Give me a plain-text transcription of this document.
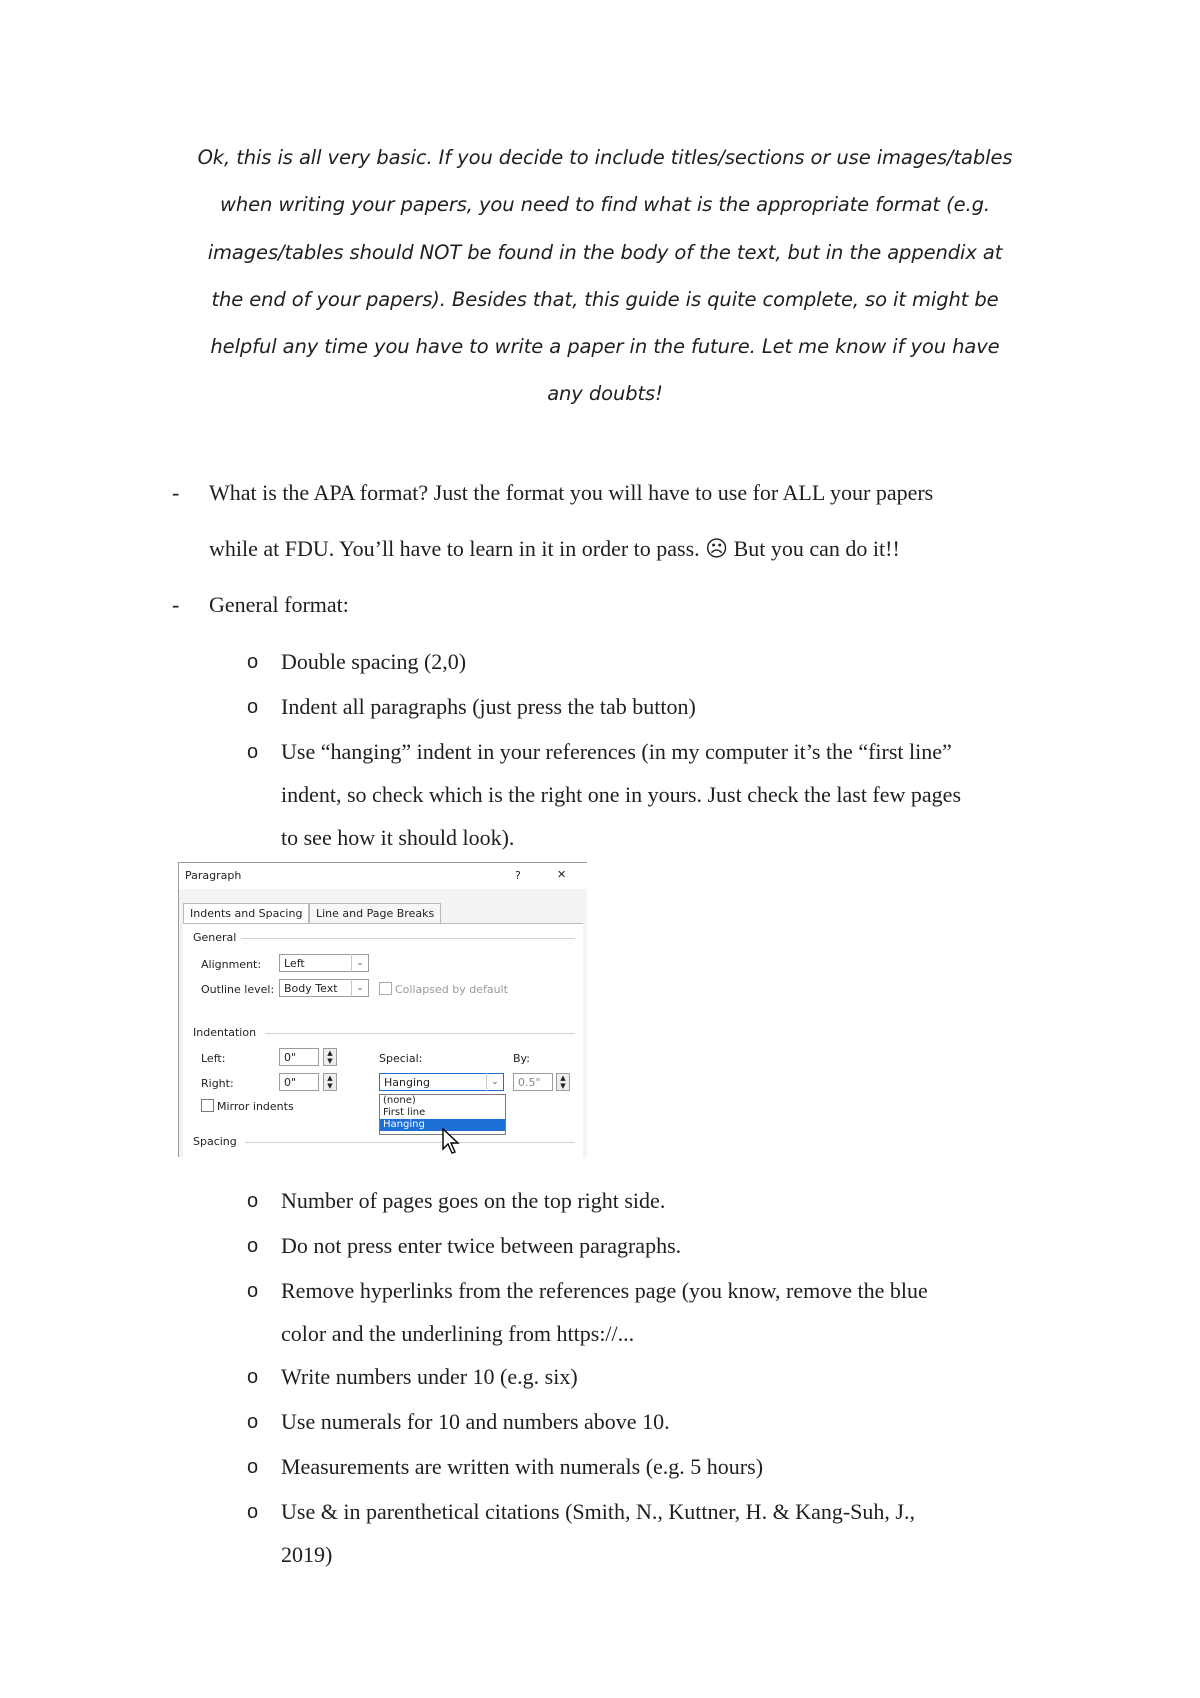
Ok, this is all very basic. If you decide to include titles/sections or use images/tables
when writing your papers, you need to find what is the appropriate format (e.g.
images/tables should NOT be found in the body of the text, but in the appendix at
the end of your papers). Besides that, this guide is quite complete, so it might be
helpful any time you have to write a paper in the future. Let me know if you have
any doubts!
- What is the APA format? Just the format you will have to use for ALL your papers
while at FDU. You’ll have to learn in it in order to pass. ☹ But you can do it!!
- General format:
o Double spacing (2,0)
o Indent all paragraphs (just press the tab button)
o Use “hanging” indent in your references (in my computer it’s the “first line”
indent, so check which is the right one in yours. Just check the last few pages
to see how it should look).
Paragraph	?	✕
Indents and Spacing	Line and Page Breaks
General
Alignment:	Left	⌄
Outline level: Body Text	⌄	Collapsed by default
Indentation
Left:	0"	▲
▼
Right:	0"	▲
▼
Special:
Hanging	⌄
By:
0.5"	▲
▼
Mirror indents	(none)
First line
Hanging
Spacing
o Number of pages goes on the top right side.
o Do not press enter twice between paragraphs.
o Remove hyperlinks from the references page (you know, remove the blue
color and the underlining from https://...
o Write numbers under 10 (e.g. six)
o Use numerals for 10 and numbers above 10.
o Measurements are written with numerals (e.g. 5 hours)
o Use & in parenthetical citations (Smith, N., Kuttner, H. & Kang-Suh, J.,
2019)
